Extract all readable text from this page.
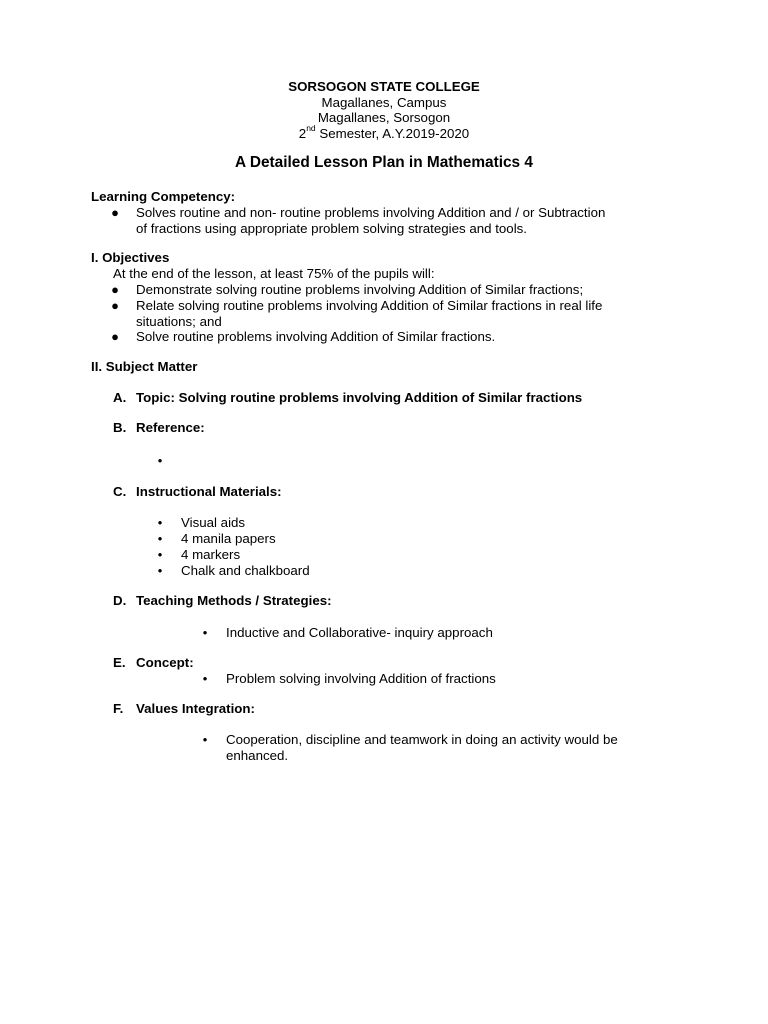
SORSOGON STATE COLLEGE
Magallanes, Campus
Magallanes, Sorsogon
2nd Semester, A.Y.2019-2020
A Detailed Lesson Plan in Mathematics 4
Learning Competency:
● Solves routine and non- routine problems involving Addition and / or Subtraction
of fractions using appropriate problem solving strategies and tools.
I. Objectives
At the end of the lesson, at least 75% of the pupils will:
● Demonstrate solving routine problems involving Addition of Similar fractions;
● Relate solving routine problems involving Addition of Similar fractions in real life
situations; and
● Solve routine problems involving Addition of Similar fractions.
II. Subject Matter
A. Topic: Solving routine problems involving Addition of Similar fractions
B. Reference:
•
C. Instructional Materials:
• Visual aids
• 4 manila papers
• 4 markers
• Chalk and chalkboard
D. Teaching Methods / Strategies:
• Inductive and Collaborative- inquiry approach
E. Concept:
• Problem solving involving Addition of fractions
F. Values Integration:
• Cooperation, discipline and teamwork in doing an activity would be
enhanced.
